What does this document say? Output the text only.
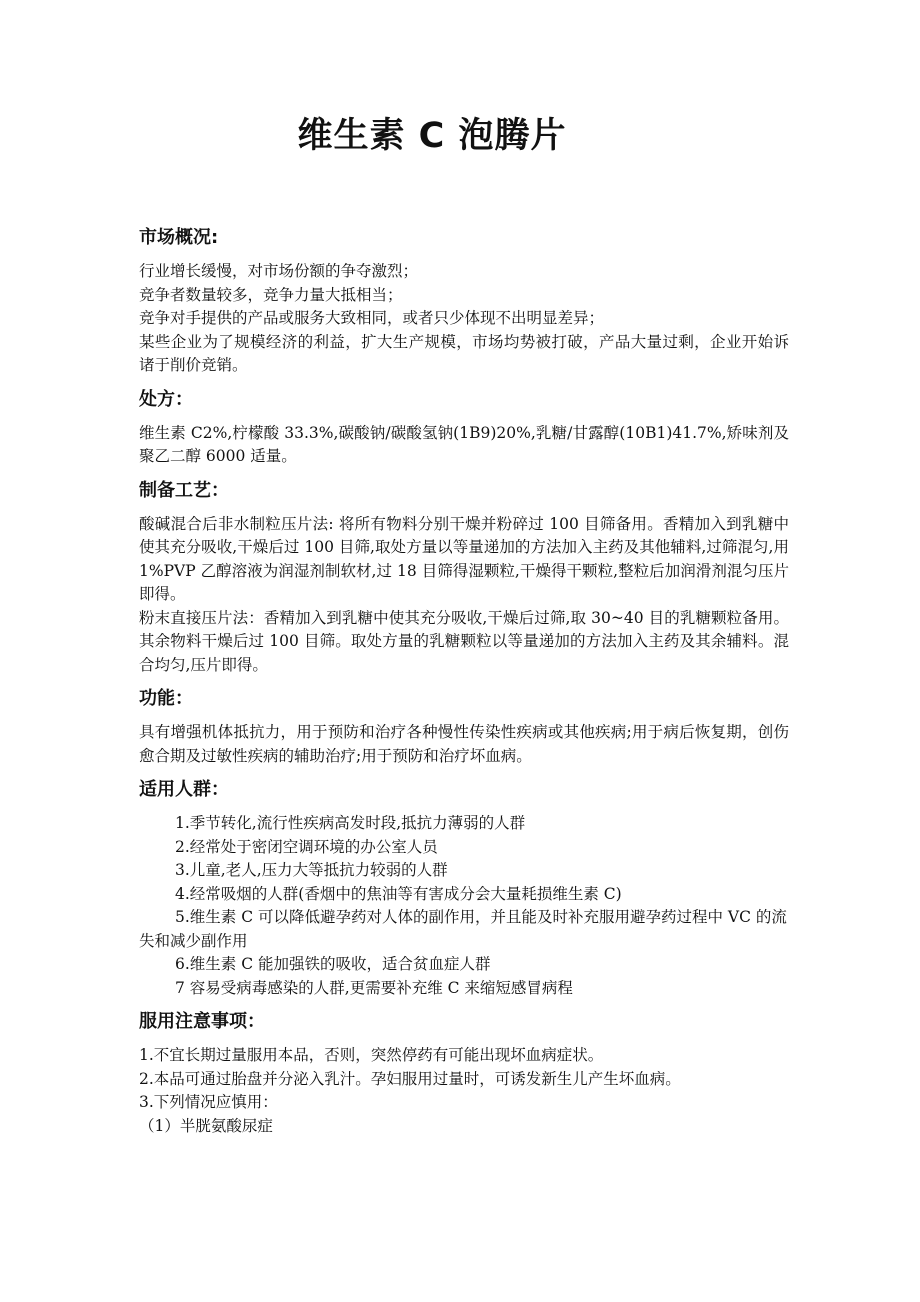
维生素 C 泡腾片
市场概况:

行业增长缓慢，对市场份额的争夺激烈；

竞争者数量较多，竞争力量大抵相当；

竞争对手提供的产品或服务大致相同，或者只少体现不出明显差异；

某些企业为了规模经济的利益，扩大生产规模，市场均势被打破，产品大量过剩，企业开始诉诸于削价竞销。

处方：

维生素 C2%,柠檬酸 33.3%,碳酸钠/碳酸氢钠(1B9)20%,乳糖/甘露醇(10B1)41.7%,矫味剂及聚乙二醇 6000 适量。

制备工艺：

酸碱混合后非水制粒压片法: 将所有物料分别干燥并粉碎过 100 目筛备用。香精加入到乳糖中使其充分吸收,干燥后过 100 目筛,取处方量以等量递加的方法加入主药及其他辅料,过筛混匀,用 1%PVP 乙醇溶液为润湿剂制软材,过 18 目筛得湿颗粒,干燥得干颗粒,整粒后加润滑剂混匀压片即得。

粉末直接压片法：香精加入到乳糖中使其充分吸收,干燥后过筛,取 30~40 目的乳糖颗粒备用。其余物料干燥后过 100 目筛。取处方量的乳糖颗粒以等量递加的方法加入主药及其余辅料。混合均匀,压片即得。

功能：

具有增强机体抵抗力，用于预防和治疗各种慢性传染性疾病或其他疾病;用于病后恢复期，创伤愈合期及过敏性疾病的辅助治疗;用于预防和治疗坏血病。

适用人群：

1.季节转化,流行性疾病高发时段,抵抗力薄弱的人群

2.经常处于密闭空调环境的办公室人员

3.儿童,老人,压力大等抵抗力较弱的人群

4.经常吸烟的人群(香烟中的焦油等有害成分会大量耗损维生素 C)

5.维生素 C 可以降低避孕药对人体的副作用，并且能及时补充服用避孕药过程中 VC 的流失和减少副作用

6.维生素 C 能加强铁的吸收，适合贫血症人群

7 容易受病毒感染的人群,更需要补充维 C 来缩短感冒病程

服用注意事项：

1.不宜长期过量服用本品，否则，突然停药有可能出现坏血病症状。

2.本品可通过胎盘并分泌入乳汁。孕妇服用过量时，可诱发新生儿产生坏血病。

3.下列情况应慎用：

（1）半胱氨酸尿症
